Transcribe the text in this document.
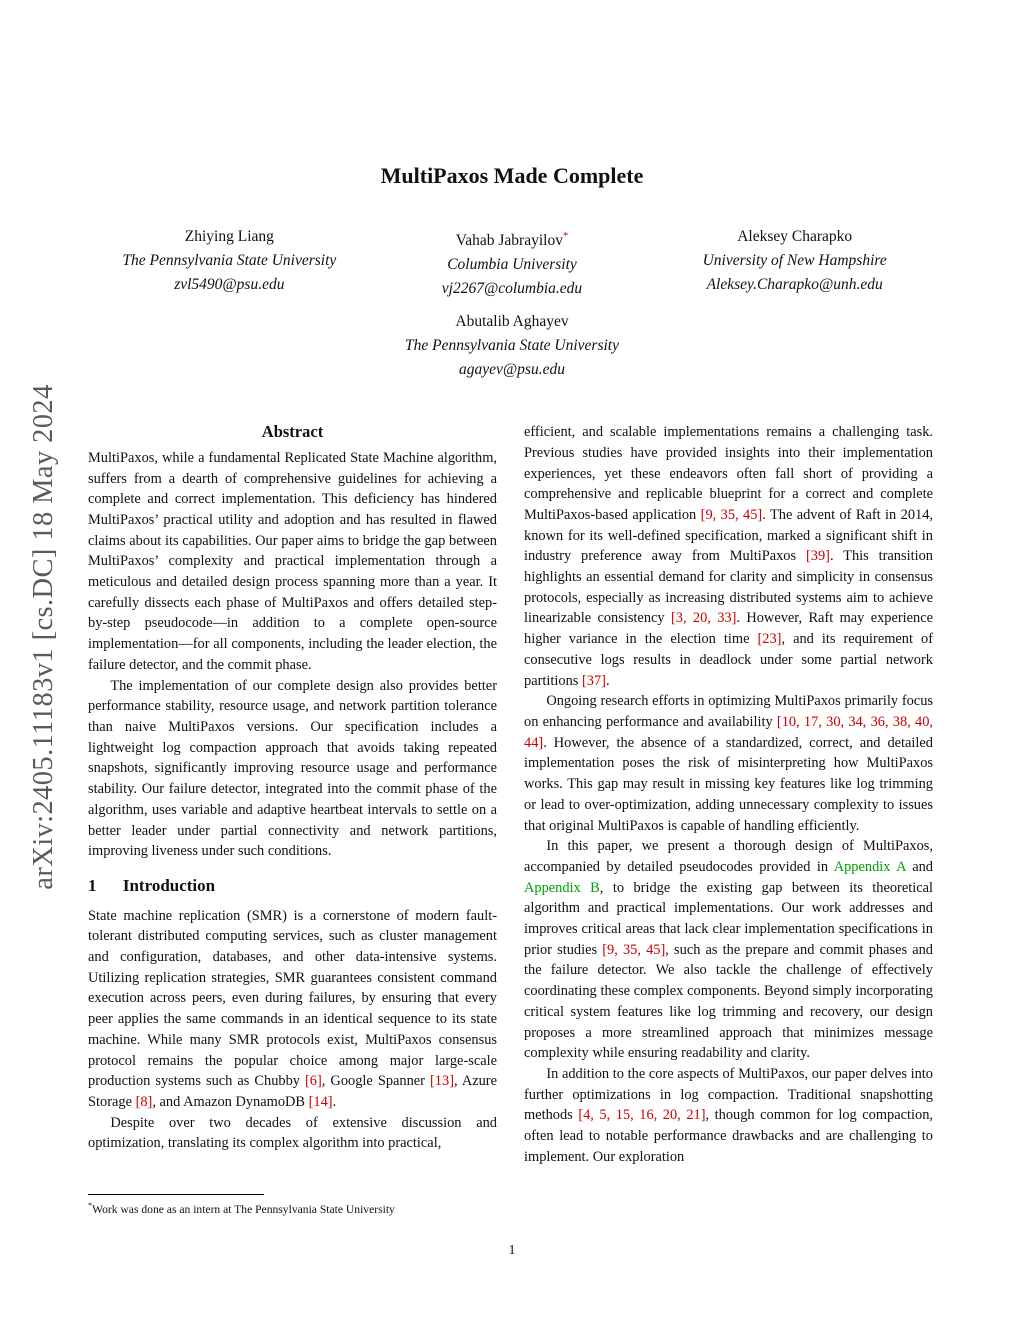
arXiv:2405.11183v1 [cs.DC] 18 May 2024
MultiPaxos Made Complete
Zhiying Liang
The Pennsylvania State University
zvl5490@psu.edu
Vahab Jabrayilov*
Columbia University
vj2267@columbia.edu
Aleksey Charapko
University of New Hampshire
Aleksey.Charapko@unh.edu
Abutalib Aghayev
The Pennsylvania State University
agayev@psu.edu
Abstract

MultiPaxos, while a fundamental Replicated State Machine algorithm, suffers from a dearth of comprehensive guidelines for achieving a complete and correct implementation. This deficiency has hindered MultiPaxos’ practical utility and adoption and has resulted in flawed claims about its capabilities. Our paper aims to bridge the gap between MultiPaxos’ complexity and practical implementation through a meticulous and detailed design process spanning more than a year. It carefully dissects each phase of MultiPaxos and offers detailed step-by-step pseudocode—in addition to a complete open-source implementation—for all components, including the leader election, the failure detector, and the commit phase.

The implementation of our complete design also provides better performance stability, resource usage, and network partition tolerance than naive MultiPaxos versions. Our specification includes a lightweight log compaction approach that avoids taking repeated snapshots, significantly improving resource usage and performance stability. Our failure detector, integrated into the commit phase of the algorithm, uses variable and adaptive heartbeat intervals to settle on a better leader under partial connectivity and network partitions, improving liveness under such conditions.

1 Introduction

State machine replication (SMR) is a cornerstone of modern fault-tolerant distributed computing services, such as cluster management and configuration, databases, and other data-intensive systems. Utilizing replication strategies, SMR guarantees consistent command execution across peers, even during failures, by ensuring that every peer applies the same commands in an identical sequence to its state machine. While many SMR protocols exist, MultiPaxos consensus protocol remains the popular choice among major large-scale production systems such as Chubby [6], Google Spanner [13], Azure Storage [8], and Amazon DynamoDB [14].

Despite over two decades of extensive discussion and optimization, translating its complex algorithm into practical,

*Work was done as an intern at The Pennsylvania State University

efficient, and scalable implementations remains a challenging task. Previous studies have provided insights into their implementation experiences, yet these endeavors often fall short of providing a comprehensive and replicable blueprint for a correct and complete MultiPaxos-based application [9, 35, 45]. The advent of Raft in 2014, known for its well-defined specification, marked a significant shift in industry preference away from MultiPaxos [39]. This transition highlights an essential demand for clarity and simplicity in consensus protocols, especially as increasing distributed systems aim to achieve linearizable consistency [3, 20, 33]. However, Raft may experience higher variance in the election time [23], and its requirement of consecutive logs results in deadlock under some partial network partitions [37].

Ongoing research efforts in optimizing MultiPaxos primarily focus on enhancing performance and availability [10, 17, 30, 34, 36, 38, 40, 44]. However, the absence of a standardized, correct, and detailed implementation poses the risk of misinterpreting how MultiPaxos works. This gap may result in missing key features like log trimming or lead to over-optimization, adding unnecessary complexity to issues that original MultiPaxos is capable of handling efficiently.

In this paper, we present a thorough design of MultiPaxos, accompanied by detailed pseudocodes provided in Appendix A and Appendix B, to bridge the existing gap between its theoretical algorithm and practical implementations. Our work addresses and improves critical areas that lack clear implementation specifications in prior studies [9, 35, 45], such as the prepare and commit phases and the failure detector. We also tackle the challenge of effectively coordinating these complex components. Beyond simply incorporating critical system features like log trimming and recovery, our design proposes a more streamlined approach that minimizes message complexity while ensuring readability and clarity.

In addition to the core aspects of MultiPaxos, our paper delves into further optimizations in log compaction. Traditional snapshotting methods [4, 5, 15, 16, 20, 21], though common for log compaction, often lead to notable performance drawbacks and are challenging to implement. Our exploration

1
